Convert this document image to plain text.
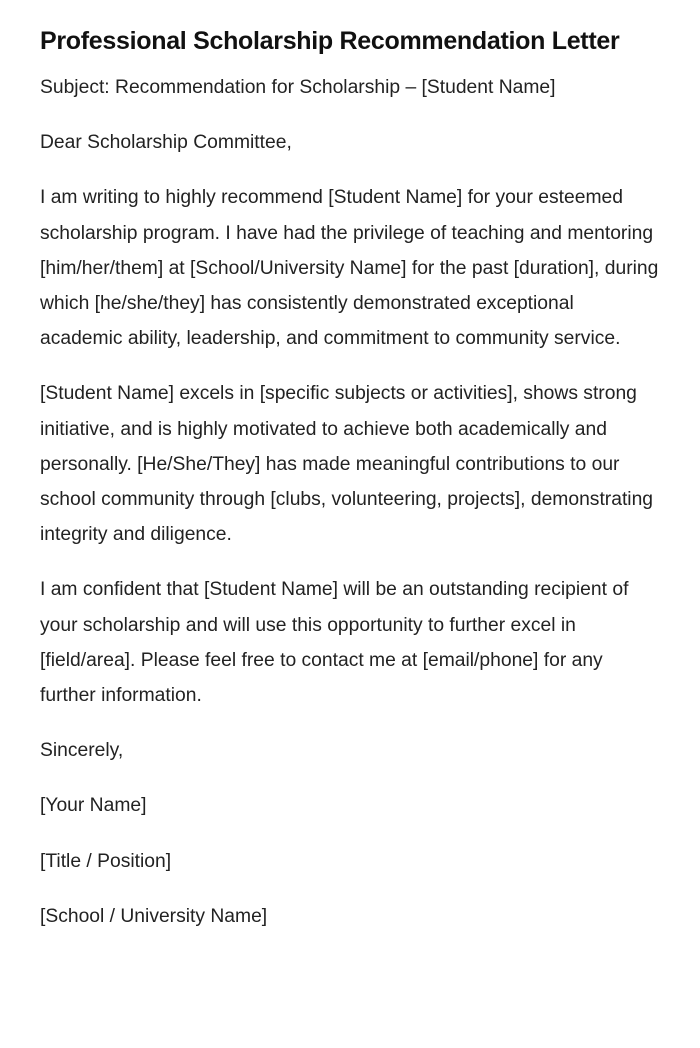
Professional Scholarship Recommendation Letter

Subject: Recommendation for Scholarship – [Student Name]

Dear Scholarship Committee,

I am writing to highly recommend [Student Name] for your esteemed scholarship program. I have had the privilege of teaching and mentoring [him/her/them] at [School/University Name] for the past [duration], during which [he/she/they] has consistently demonstrated exceptional academic ability, leadership, and commitment to community service.

[Student Name] excels in [specific subjects or activities], shows strong initiative, and is highly motivated to achieve both academically and personally. [He/She/They] has made meaningful contributions to our school community through [clubs, volunteering, projects], demonstrating integrity and diligence.

I am confident that [Student Name] will be an outstanding recipient of your scholarship and will use this opportunity to further excel in [field/area]. Please feel free to contact me at [email/phone] for any further information.

Sincerely,

[Your Name]

[Title / Position]

[School / University Name]
